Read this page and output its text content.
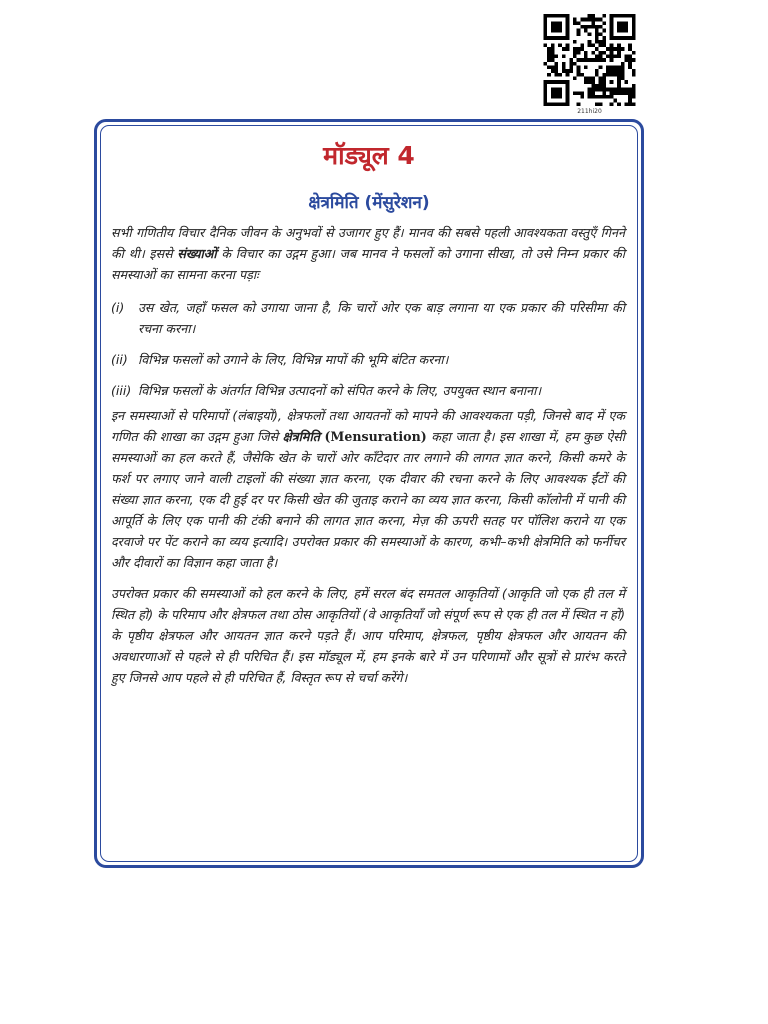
211hi20
मॉड्यूल 4
क्षेत्रमिति (मेंसुरेशन)

सभी गणितीय विचार दैनिक जीवन के अनुभवों से उजागर हुए हैं। मानव की सबसे पहली आवश्यकता वस्तुएँ गिनने की थी। इससे संख्याओं के विचार का उद्गम हुआ। जब मानव ने फसलों को उगाना सीखा, तो उसे निम्न प्रकार की समस्याओं का सामना करना पड़ाः

(i)	उस खेत, जहाँ फसल को उगाया जाना है, कि चारों ओर एक बाड़ लगाना या एक प्रकार की परिसीमा की रचना करना।
(ii) विभिन्न फसलों को उगाने के लिए, विभिन्न मापों की भूमि बंटित करना।
(iii) विभिन्न फसलों के अंतर्गत विभिन्न उत्पादनों को संपित करने के लिए, उपयुक्त स्थान बनाना।

इन समस्याओं से परिमापों (लंबाइयों), क्षेत्रफलों तथा आयतनों को मापने की आवश्यकता पड़ी, जिनसे बाद में एक गणित की शाखा का उद्गम हुआ जिसे क्षेत्रमिति (Mensuration) कहा जाता है। इस शाखा में, हम कुछ ऐसी समस्याओं का हल करते हैं, जैसेकि खेत के चारों ओर काँटेदार तार लगाने की लागत ज्ञात करने, किसी कमरे के फर्श पर लगाए जाने वाली टाइलों की संख्या ज्ञात करना, एक दीवार की रचना करने के लिए आवश्यक ईंटों की संख्या ज्ञात करना, एक दी हुई दर पर किसी खेत की जुताइ कराने का व्यय ज्ञात करना, किसी कॉलोनी में पानी की आपूर्ति के लिए एक पानी की टंकी बनाने की लागत ज्ञात करना, मेज़ की ऊपरी सतह पर पॉलिश कराने या एक दरवाजे पर पेंट कराने का व्यय इत्यादि। उपरोक्त प्रकार की समस्याओं के कारण, कभी–कभी क्षेत्रमिति को फर्नीचर और दीवारों का विज्ञान कहा जाता है।

उपरोक्त प्रकार की समस्याओं को हल करने के लिए, हमें सरल बंद समतल आकृतियों (आकृति जो एक ही तल में स्थित हो) के परिमाप और क्षेत्रफल तथा ठोस आकृतियों (वे आकृतियाँ जो संपूर्ण रूप से एक ही तल में स्थित न हों) के पृष्ठीय क्षेत्रफल और आयतन ज्ञात करने पड़ते हैं। आप परिमाप, क्षेत्रफल, पृष्ठीय क्षेत्रफल और आयतन की अवधारणाओं से पहले से ही परिचित हैं। इस मॉड्यूल में, हम इनके बारे में उन परिणामों और सूत्रों से प्रारंभ करते हुए जिनसे आप पहले से ही परिचित हैं, विस्तृत रूप से चर्चा करेंगे।
